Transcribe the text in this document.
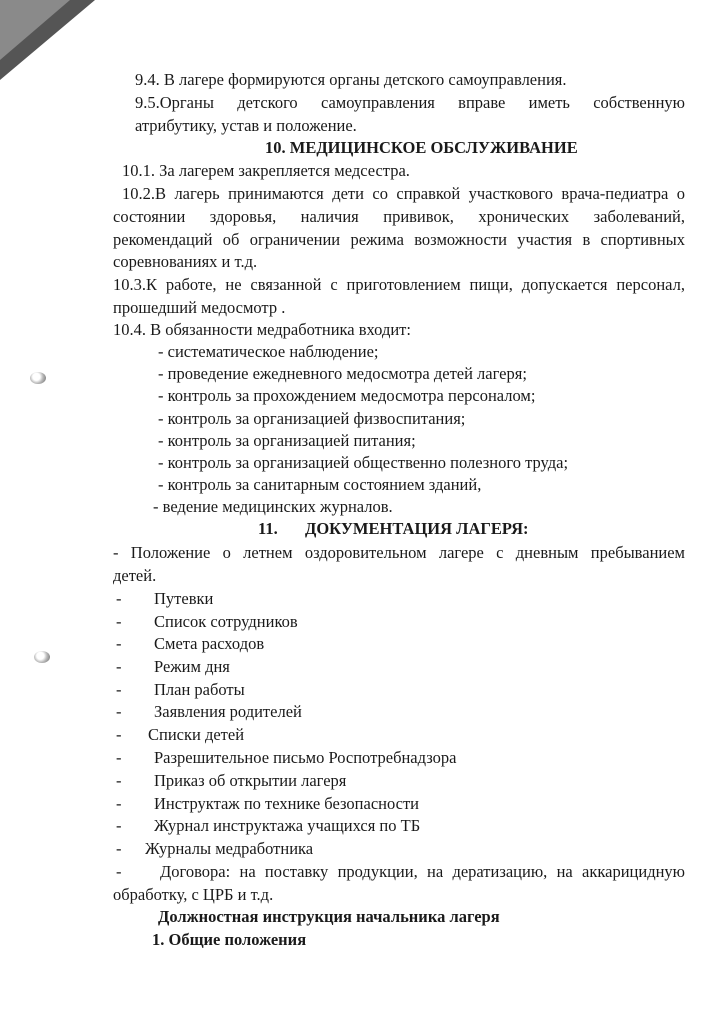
9.4. В лагере формируются органы детского самоуправления.
9.5.Органы детского самоуправления вправе иметь собственную
атрибутику, устав и положение.
10. МЕДИЦИНСКОЕ ОБСЛУЖИВАНИЕ
10.1. За лагерем закрепляется медсестра.
10.2.В лагерь принимаются дети со справкой участкового врача-педиатра о
состоянии здоровья, наличия прививок, хронических заболеваний,
рекомендаций об ограничении режима возможности участия в спортивных
соревнованиях и т.д.
10.3.К работе, не связанной с приготовлением пищи, допускается персонал,
прошедший медосмотр .
10.4. В обязанности медработника входит:
- систематическое наблюдение;
- проведение ежедневного медосмотра детей лагеря;
- контроль за прохождением медосмотра персоналом;
- контроль за организацией физвоспитания;
- контроль за организацией питания;
- контроль за организацией общественно полезного труда;
- контроль за санитарным состоянием зданий,
- ведение медицинских журналов.
11. ДОКУМЕНТАЦИЯ ЛАГЕРЯ:
- Положение о летнем оздоровительном лагере с дневным пребыванием
детей.
- Путевки
- Список сотрудников
- Смета расходов
- Режим дня
- План работы
- Заявления родителей
- Списки детей
- Разрешительное письмо Роспотребнадзора
- Приказ об открытии лагеря
- Инструктаж по технике безопасности
- Журнал инструктажа учащихся по ТБ
- Журналы медработника
- Договора: на поставку продукции, на дератизацию, на аккарицидную
обработку, с ЦРБ и т.д.
Должностная инструкция начальника лагеря
1. Общие положения
